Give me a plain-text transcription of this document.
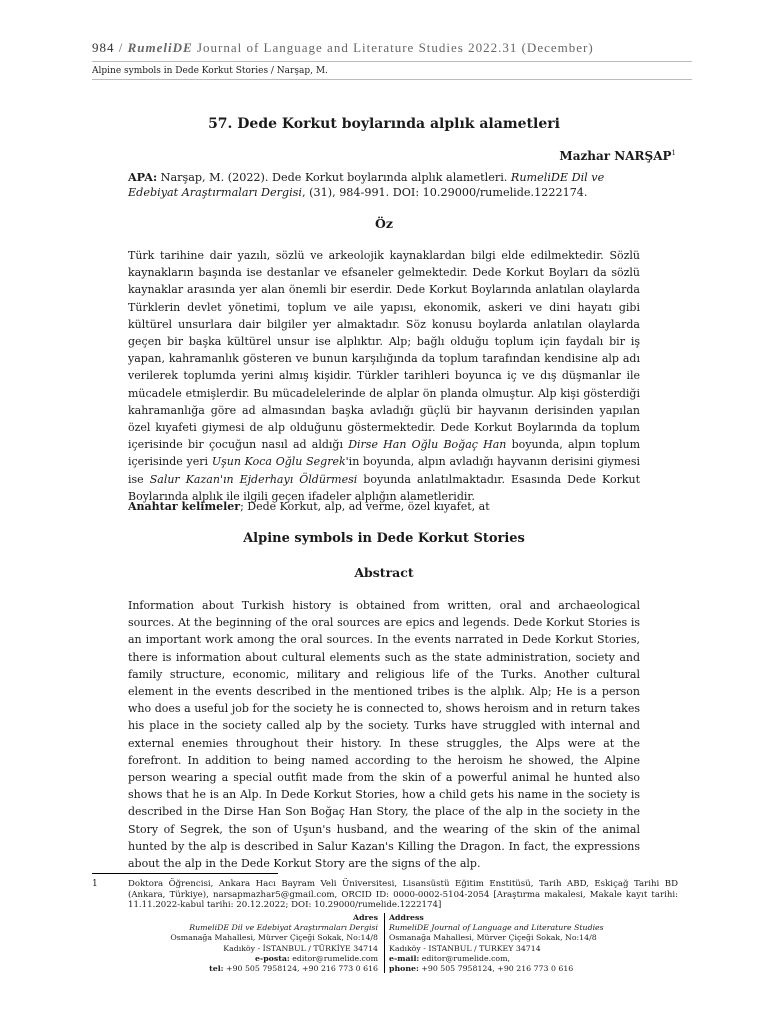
984 / RumeliDE Journal of Language and Literature Studies 2022.31 (December)
Alpine symbols in Dede Korkut Stories / Narşap, M.
57. Dede Korkut boylarında alplık alametleri
Mazhar NARŞAP$^1$
APA: Narşap, M. (2022). Dede Korkut boylarında alplık alametleri. RumeliDE Dil ve Edebiyat Araştırmaları Dergisi, (31), 984-991. DOI: 10.29000/rumelide.1222174.
Öz
Türk tarihine dair yazılı, sözlü ve arkeolojik kaynaklardan bilgi elde edilmektedir. Sözlü kaynakların başında ise destanlar ve efsaneler gelmektedir. Dede Korkut Boyları da sözlü kaynaklar arasında yer alan önemli bir eserdir. Dede Korkut Boylarında anlatılan olaylarda Türklerin devlet yönetimi, toplum ve aile yapısı, ekonomik, askeri ve dini hayatı gibi kültürel unsurlara dair bilgiler yer almaktadır. Söz konusu boylarda anlatılan olaylarda geçen bir başka kültürel unsur ise alplıktır. Alp; bağlı olduğu toplum için faydalı bir iş yapan, kahramanlık gösteren ve bunun karşılığında da toplum tarafından kendisine alp adı verilerek toplumda yerini almış kişidir. Türkler tarihleri boyunca iç ve dış düşmanlar ile mücadele etmişlerdir. Bu mücadelelerinde de alplar ön planda olmuştur. Alp kişi gösterdiği kahramanlığa göre ad almasından başka avladığı güçlü bir hayvanın derisinden yapılan özel kıyafeti giymesi de alp olduğunu göstermektedir. Dede Korkut Boylarında da toplum içerisinde bir çocuğun nasıl ad aldığı Dirse Han Oğlu Boğaç Han boyunda, alpın toplum içerisinde yeri Uşun Koca Oğlu Segrek'in boyunda, alpın avladığı hayvanın derisini giymesi ise Salur Kazan'ın Ejderhayı Öldürmesi boyunda anlatılmaktadır. Esasında Dede Korkut Boylarında alplık ile ilgili geçen ifadeler alplığın alametleridir.
Anahtar kelimeler; Dede Korkut, alp, ad verme, özel kıyafet, at
Alpine symbols in Dede Korkut Stories
Abstract
Information about Turkish history is obtained from written, oral and archaeological sources. At the beginning of the oral sources are epics and legends. Dede Korkut Stories is an important work among the oral sources. In the events narrated in Dede Korkut Stories, there is information about cultural elements such as the state administration, society and family structure, economic, military and religious life of the Turks. Another cultural element in the events described in the mentioned tribes is the alplık. Alp; He is a person who does a useful job for the society he is connected to, shows heroism and in return takes his place in the society called alp by the society. Turks have struggled with internal and external enemies throughout their history. In these struggles, the Alps were at the forefront. In addition to being named according to the heroism he showed, the Alpine person wearing a special outfit made from the skin of a powerful animal he hunted also shows that he is an Alp. In Dede Korkut Stories, how a child gets his name in the society is described in the Dirse Han Son Boğaç Han Story, the place of the alp in the society in the Story of Segrek, the son of Uşun's husband, and the wearing of the skin of the animal hunted by the alp is described in Salur Kazan's Killing the Dragon. In fact, the expressions about the alp in the Dede Korkut Story are the signs of the alp.
1	Doktora Öğrencisi, Ankara Hacı Bayram Veli Üniversitesi, Lisansüstü Eğitim Enstitüsü, Tarih ABD, Eskiçağ Tarihi BD (Ankara, Türkiye), narsapmazhar5@gmail.com, ORCID ID: 0000-0002-5104-2054 [Araştırma makalesi, Makale kayıt tarihi: 11.11.2022-kabul tarihi: 20.12.2022; DOI: 10.29000/rumelide.1222174]
Adres
RumeliDE Dil ve Edebiyat Araştırmaları Dergisi
Osmanağa Mahallesi, Mürver Çiçeği Sokak, No:14/8
Kadıköy - İSTANBUL / TÜRKİYE 34714
e-posta: editor@rumelide.com
tel: +90 505 7958124, +90 216 773 0 616
Address
RumeliDE Journal of Language and Literature Studies
Osmanağa Mahallesi, Mürver Çiçeği Sokak, No:14/8
Kadıköy - ISTANBUL / TURKEY 34714
e-mail: editor@rumelide.com,
phone: +90 505 7958124, +90 216 773 0 616
